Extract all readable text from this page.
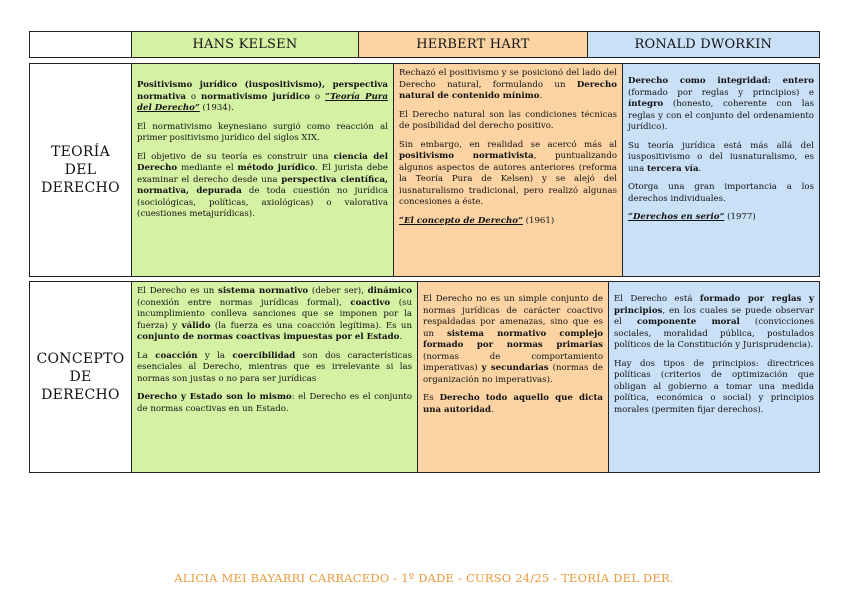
HANS KELSEN	HERBERT HART	RONALD DWORKIN
TEORÍA
DEL
DERECHO

Positivismo jurídico (iuspositivismo), perspectiva normativa o normativismo jurídico o “Teoría Pura del Derecho” (1934).

El normativismo keynesiano surgió como reacción al primer positivismo jurídico del siglos XIX.

El objetivo de su teoría es construir una ciencia del Derecho mediante el método jurídico. El jurista debe examinar el derecho desde una perspectiva científica, normativa, depurada de toda cuestión no jurídica (sociológicas, políticas, axiológicas) o valorativa (cuestiones metajurídicas).

Rechazó el positivismo y se posicionó del lado del Derecho natural, formulando un Derecho natural de contenido mínimo.

El Derecho natural son las condiciones técnicas de posibilidad del derecho positivo.

Sin embargo, en realidad se acercó más al positivismo normativista, puntualizando algunos aspectos de autores anteriores (reforma la Teoría Pura de Kelsen) y se alejó del iusnaturalismo tradicional, pero realizó algunas concesiones a éste.

“El concepto de Derecho” (1961)

Derecho como integridad: entero (formado por reglas y principios) e íntegro (honesto, coherente con las reglas y con el conjunto del ordenamiento jurídico).

Su teoría jurídica está más allá del iuspositivismo o del iusnaturalismo, es una tercera vía.

Otorga una gran importancia a los derechos individuales.

“Derechos en serio” (1977)

CONCEPTO
DE
DERECHO

El Derecho es un sistema normativo (deber ser), dinámico (conexión entre normas jurídicas formal), coactivo (su incumplimiento conlleva sanciones que se imponen por la fuerza) y válido (la fuerza es una coacción legítima). Es un conjunto de normas coactivas impuestas por el Estado.

La coacción y la coercibilidad son dos características esenciales al Derecho, mientras que es irrelevante si las normas son justas o no para ser jurídicas

Derecho y Estado son lo mismo: el Derecho es el conjunto de normas coactivas en un Estado.

El Derecho no es un simple conjunto de normas jurídicas de carácter coactivo respaldadas por amenazas, sino que es un sistema normativo complejo formado por normas primarias (normas de comportamiento imperativas) y secundarias (normas de organización no imperativas).

Es Derecho todo aquello que dicta una autoridad.

El Derecho está formado por reglas y principios, en los cuales se puede observar el componente moral (convicciones sociales, moralidad pública, postulados políticos de la Constitución y Jurisprudencia).

Hay dos tipos de principios: directrices políticas (criterios de optimización que obligan al gobierno a tomar una medida política, económica o social) y principios morales (permiten fijar derechos).

ALICIA MEI BAYARRI CARRACEDO - 1º DADE - CURSO 24/25 - TEORÍA DEL DER.
